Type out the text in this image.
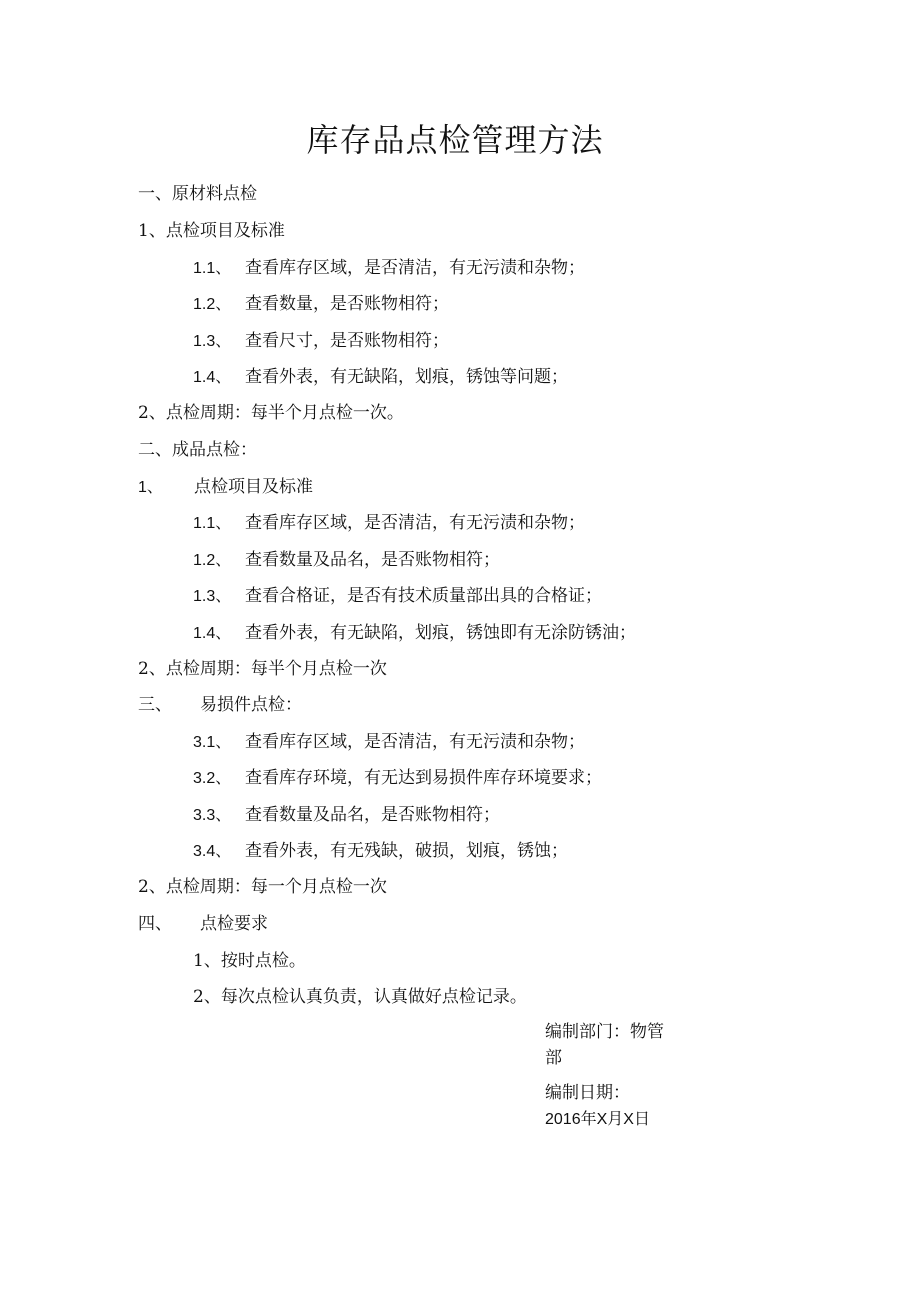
库存品点检管理方法
一、原材料点检
1、点检项目及标准
1.1、 查看库存区域，是否清洁，有无污渍和杂物；
1.2、 查看数量，是否账物相符；
1.3、 查看尺寸，是否账物相符；
1.4、 查看外表，有无缺陷，划痕，锈蚀等问题；
2、点检周期：每半个月点检一次。
二、成品点检：
1、 点检项目及标准
1.1、 查看库存区域，是否清洁，有无污渍和杂物；
1.2、 查看数量及品名，是否账物相符；
1.3、 查看合格证，是否有技术质量部出具的合格证；
1.4、 查看外表，有无缺陷，划痕，锈蚀即有无涂防锈油；
2、点检周期：每半个月点检一次
三、 易损件点检：
3.1、 查看库存区域，是否清洁，有无污渍和杂物；
3.2、 查看库存环境，有无达到易损件库存环境要求；
3.3、 查看数量及品名，是否账物相符；
3.4、 查看外表，有无残缺，破损，划痕，锈蚀；
2、点检周期：每一个月点检一次
四、 点检要求
1、按时点检。
2、每次点检认真负责，认真做好点检记录。
编制部门：物管部
编制日期：
2016年X月X日
